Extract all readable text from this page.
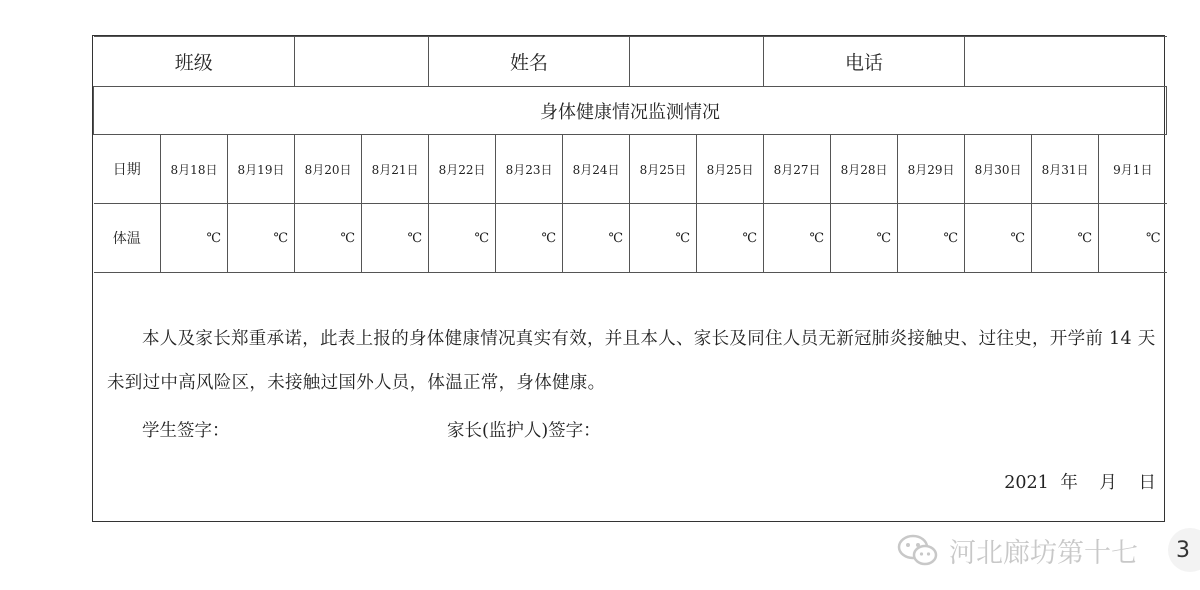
班级					姓名					电话					
身体健康情况监测情况															
日期	8月18日	8月19日	8月20日	8月21日	8月22日	8月23日	8月24日	8月25日	8月25日	8月27日	8月28日	8月29日	8月30日	8月31日	9月1日
体温	℃	℃	℃	℃	℃	℃	℃	℃	℃	℃	℃	℃	℃	℃	℃

本人及家长郑重承诺，此表上报的身体健康情况真实有效，并且本人、家长及同住人员无新冠肺炎接触史、过往史，开学前 14 天未到过中高风险区，未接触过国外人员，体温正常，身体健康。

学生签字：	家长(监护人)签字：
2021 年 月 日
河北廊坊第十七	3
